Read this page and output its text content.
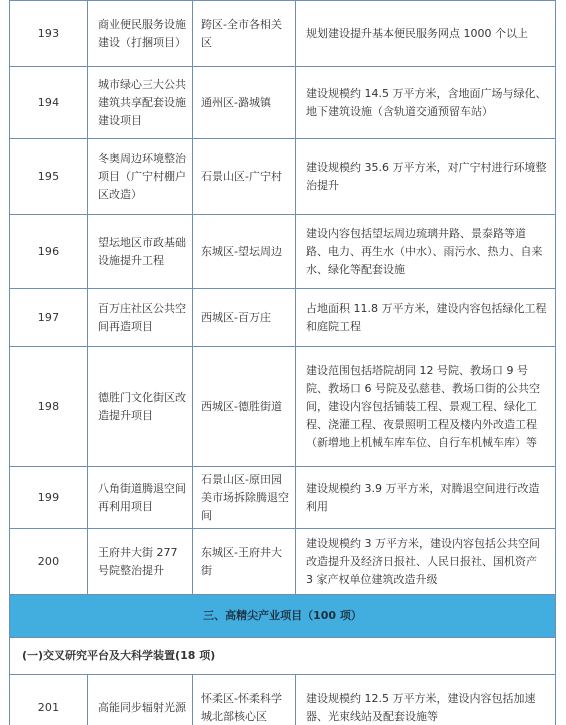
193	商业便民服务设施建设（打捆项目）	跨区-全市各相关区	规划建设提升基本便民服务网点 1000 个以上
194	城市绿心三大公共建筑共享配套设施建设项目	通州区-潞城镇	建设规模约 14.5 万平方米，含地面广场与绿化、地下建筑设施（含轨道交通预留车站）
195	冬奥周边环境整治项目（广宁村棚户区改造）	石景山区-广宁村	建设规模约 35.6 万平方米，对广宁村进行环境整治提升
196	望坛地区市政基础设施提升工程	东城区-望坛周边	建设内容包括望坛周边琉璃井路、景泰路等道路、电力、再生水（中水）、雨污水、热力、自来水、绿化等配套设施
197	百万庄社区公共空间再造项目	西城区-百万庄	占地面积 11.8 万平方米，建设内容包括绿化工程和庭院工程
198	德胜门文化街区改造提升项目	西城区-德胜街道	建设范围包括塔院胡同 12 号院、教场口 9 号院、教场口 6 号院及弘慈巷、教场口街的公共空间，建设内容包括铺装工程、景观工程、绿化工程、浇灌工程、夜景照明工程及楼内外改造工程（新增地上机械车库车位、自行车机械车库）等
199	八角街道腾退空间再利用项目	石景山区-原田园美市场拆除腾退空间	建设规模约 3.9 万平方米，对腾退空间进行改造利用
200	王府井大街 277 号院整治提升	东城区-王府井大街	建设规模约 3 万平方米，建设内容包括公共空间改造提升及经济日报社、人民日报社、国机资产 3 家产权单位建筑改造升级
三、高精尖产业项目（100 项）			
(一)交叉研究平台及大科学装置(18 项)			
201	高能同步辐射光源	怀柔区-怀柔科学城北部核心区	建设规模约 12.5 万平方米，建设内容包括加速器、光束线站及配套设施等
